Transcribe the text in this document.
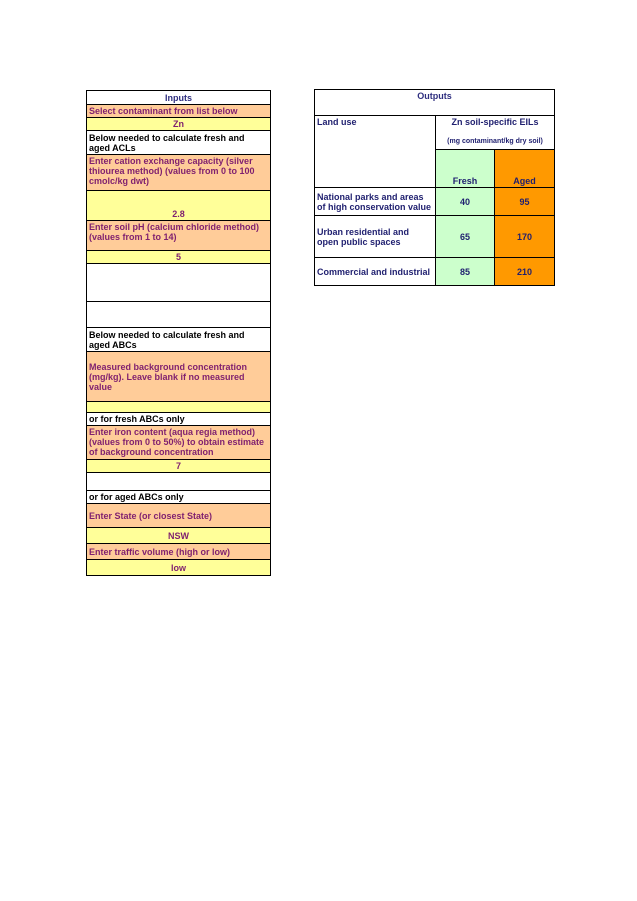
Inputs
Select contaminant from list below
Zn
Below needed to calculate fresh and aged ACLs
Enter cation exchange capacity (silver thiourea method) (values from 0 to 100 cmolc/kg dwt)
2.8
Enter soil pH (calcium chloride method) (values from 1 to 14)
5

Below needed to calculate fresh and aged ABCs
Measured background concentration (mg/kg). Leave blank if no measured value

or for fresh ABCs only
Enter iron content (aqua regia method) (values from 0 to 50%) to obtain estimate of background concentration
7

or for aged ABCs only
Enter State (or closest State)
NSW
Enter traffic volume (high or low)
low
Outputs		
Land use	Zn soil-specific EILs	
	(mg contaminant/kg dry soil)	
	Fresh	Aged
National parks and areas of high conservation value	40	95
Urban residential and open public spaces	65	170
Commercial and industrial	85	210
